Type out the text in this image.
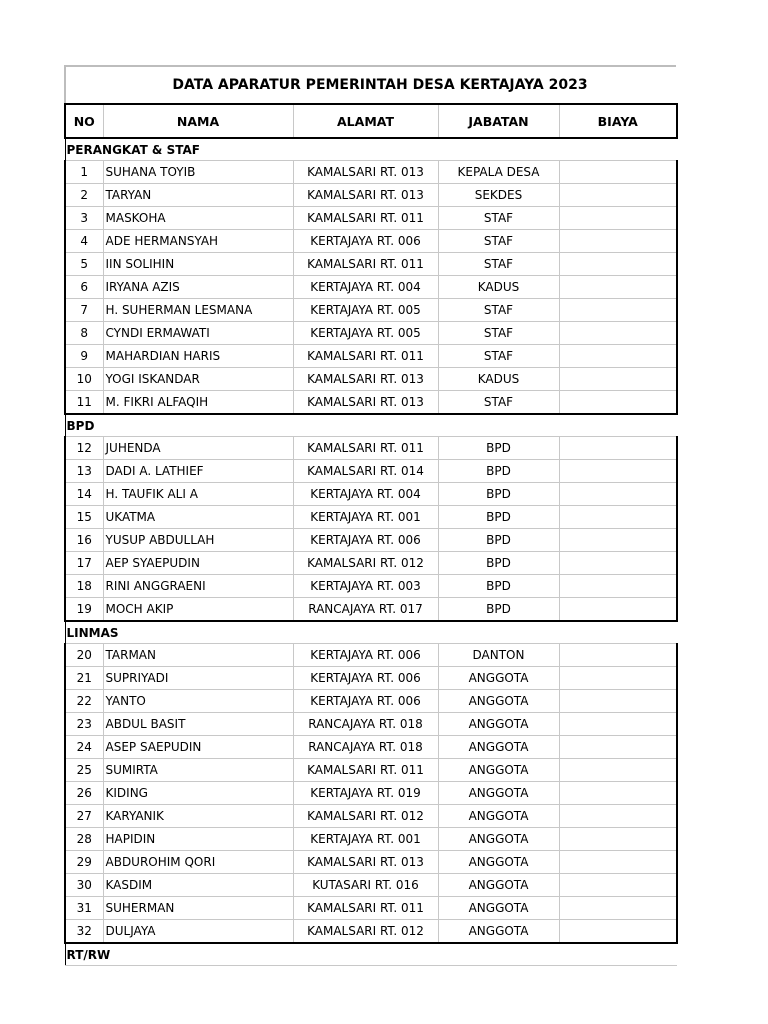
DATA APARATUR PEMERINTAH DESA KERTAJAYA 2023
NO	NAMA	ALAMAT	JABATAN	BIAYA
PERANGKAT & STAF				
1	SUHANA TOYIB	KAMALSARI RT. 013	KEPALA DESA	
2	TARYAN	KAMALSARI RT. 013	SEKDES	
3	MASKOHA	KAMALSARI RT. 011	STAF	
4	ADE HERMANSYAH	KERTAJAYA RT. 006	STAF	
5	IIN SOLIHIN	KAMALSARI RT. 011	STAF	
6	IRYANA AZIS	KERTAJAYA RT. 004	KADUS	
7	H. SUHERMAN LESMANA	KERTAJAYA RT. 005	STAF	
8	CYNDI ERMAWATI	KERTAJAYA RT. 005	STAF	
9	MAHARDIAN HARIS	KAMALSARI RT. 011	STAF	
10	YOGI ISKANDAR	KAMALSARI RT. 013	KADUS	
11	M. FIKRI ALFAQIH	KAMALSARI RT. 013	STAF	
BPD				
12	JUHENDA	KAMALSARI RT. 011	BPD	
13	DADI A. LATHIEF	KAMALSARI RT. 014	BPD	
14	H. TAUFIK ALI A	KERTAJAYA RT. 004	BPD	
15	UKATMA	KERTAJAYA RT. 001	BPD	
16	YUSUP ABDULLAH	KERTAJAYA RT. 006	BPD	
17	AEP SYAEPUDIN	KAMALSARI RT. 012	BPD	
18	RINI ANGGRAENI	KERTAJAYA RT. 003	BPD	
19	MOCH AKIP	RANCAJAYA RT. 017	BPD	
LINMAS				
20	TARMAN	KERTAJAYA RT. 006	DANTON	
21	SUPRIYADI	KERTAJAYA RT. 006	ANGGOTA	
22	YANTO	KERTAJAYA RT. 006	ANGGOTA	
23	ABDUL BASIT	RANCAJAYA RT. 018	ANGGOTA	
24	ASEP SAEPUDIN	RANCAJAYA RT. 018	ANGGOTA	
25	SUMIRTA	KAMALSARI RT. 011	ANGGOTA	
26	KIDING	KERTAJAYA RT. 019	ANGGOTA	
27	KARYANIK	KAMALSARI RT. 012	ANGGOTA	
28	HAPIDIN	KERTAJAYA RT. 001	ANGGOTA	
29	ABDUROHIM QORI	KAMALSARI RT. 013	ANGGOTA	
30	KASDIM	KUTASARI RT. 016	ANGGOTA	
31	SUHERMAN	KAMALSARI RT. 011	ANGGOTA	
32	DULJAYA	KAMALSARI RT. 012	ANGGOTA	
RT/RW				
